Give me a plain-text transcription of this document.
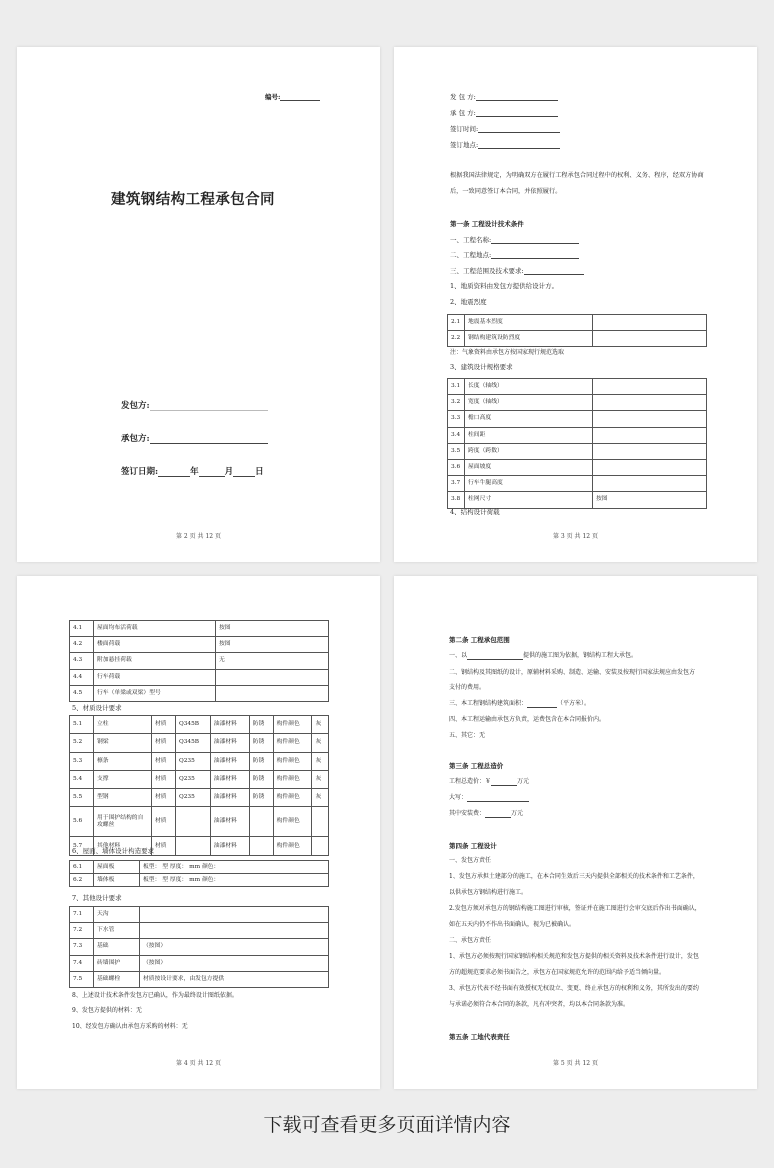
编号:
建筑钢结构工程承包合同
发包方:
承包方:
签订日期:	年	月	日
第 2 页 共 12 页
发 包 方:
承 包 方:
签订时间:
签订地点:
根据我国法律规定，为明确双方在履行工程承包合同过程中的权利、义务、程序，经双方协商
后，一致同意签订本合同，并依照履行。
第一条 工程设计技术条件
一、工程名称:
二、工程地点:
三、工程范围及技术要求:
1、地质资料由发包方提供给设计方。
2、地震烈度
2.1	地震基本烈度	
2.2	钢结构建筑设防烈度	
注：气象资料由承包方按国家现行规范选取
3、建筑设计规格要求
3.1	长度（轴线）	
3.2	宽度（轴线）	
3.3	檐口高度	
3.4	柱间距	
3.5	跨度（跨数）	
3.6	屋面坡度	
3.7	行车牛腿高度	
3.8	柱网尺寸	按图
4、结构设计荷载
第 3 页 共 12 页
4.1	屋面均布活荷载	按图
4.2	楼面荷载	按图
4.3	附加悬挂荷载	无
4.4	行车荷载	
4.5	行车（单梁或双梁）型号	
5、材质设计要求
5.1	立柱	材质	Q345B	油漆材料	防锈	构件颜色	灰
5.2	钢梁	材质	Q345B	油漆材料	防锈	构件颜色	灰
5.3	檩条	材质	Q235	油漆材料	防锈	构件颜色	灰
5.4	支撑	材质	Q235	油漆材料	防锈	构件颜色	灰
5.5	型钢	材质	Q235	油漆材料	防锈	构件颜色	灰
5.6	用于围护结构的自攻螺丝	材质		油漆材料		构件颜色	
5.7	其他材料	材质		油漆材料		构件颜色	
6、屋面、墙体设计构造要求
6.1	屋面板	板型： 型 厚度： mm 颜色：
6.2	墙体板	板型： 型 厚度： mm 颜色：
7、其他设计要求
7.1	天沟	
7.2	下水管	
7.3	基础	（按图）
7.4	砖墙围护	（按图）
7.5	基础螺栓	材质按设计要求，由发包方提供
8、上述设计技术条件发包方已确认，作为最终设计图纸依据。
9、发包方提供的材料：无
10、经发包方确认由承包方采购的材料：无
第 4 页 共 12 页
第二条 工程承包范围
一、以	提供的施工图为依据，钢结构工程大承包。
二、钢结构及其图纸的设计，原辅材料采购、制造、运输、安装及按现行国家法规应由发包方
支付的费用。
三、本工程钢结构建筑面积：	（平方米）。
四、本工程运输由承包方负责，运费包含在本合同报价内。
五、其它：无
第三条 工程总造价
工程总造价：￥	万元
大写：
其中安装费：	万元
第四条 工程设计
一、发包方责任
1、发包方承担土建部分的施工，在本合同生效后三天内提供全部相关的技术条件和工艺条件，
以供承包方钢结构进行施工。
2.发包方须对承包方的钢结构施工图进行审核，签证并在施工图进行会审交底后作出书面确认，
如在五天内仍不作出书面确认，视为已被确认。
二、承包方责任
1、承包方必须按现行国家钢结构相关规范和发包方提供的相关资料及技术条件进行设计，发包
方的超规范要求必须书面告之，承包方在国家规范允许的范围内给予适当倾向量。
3、承包方代表不经书面有效授权无权设立、变更、终止承包方的权利和义务，其所发出的要约
与承诺必须符合本合同的条款，凡有冲突者，均以本合同条款为准。
第五条 工地代表责任
第 5 页 共 12 页
下载可查看更多页面详情内容
